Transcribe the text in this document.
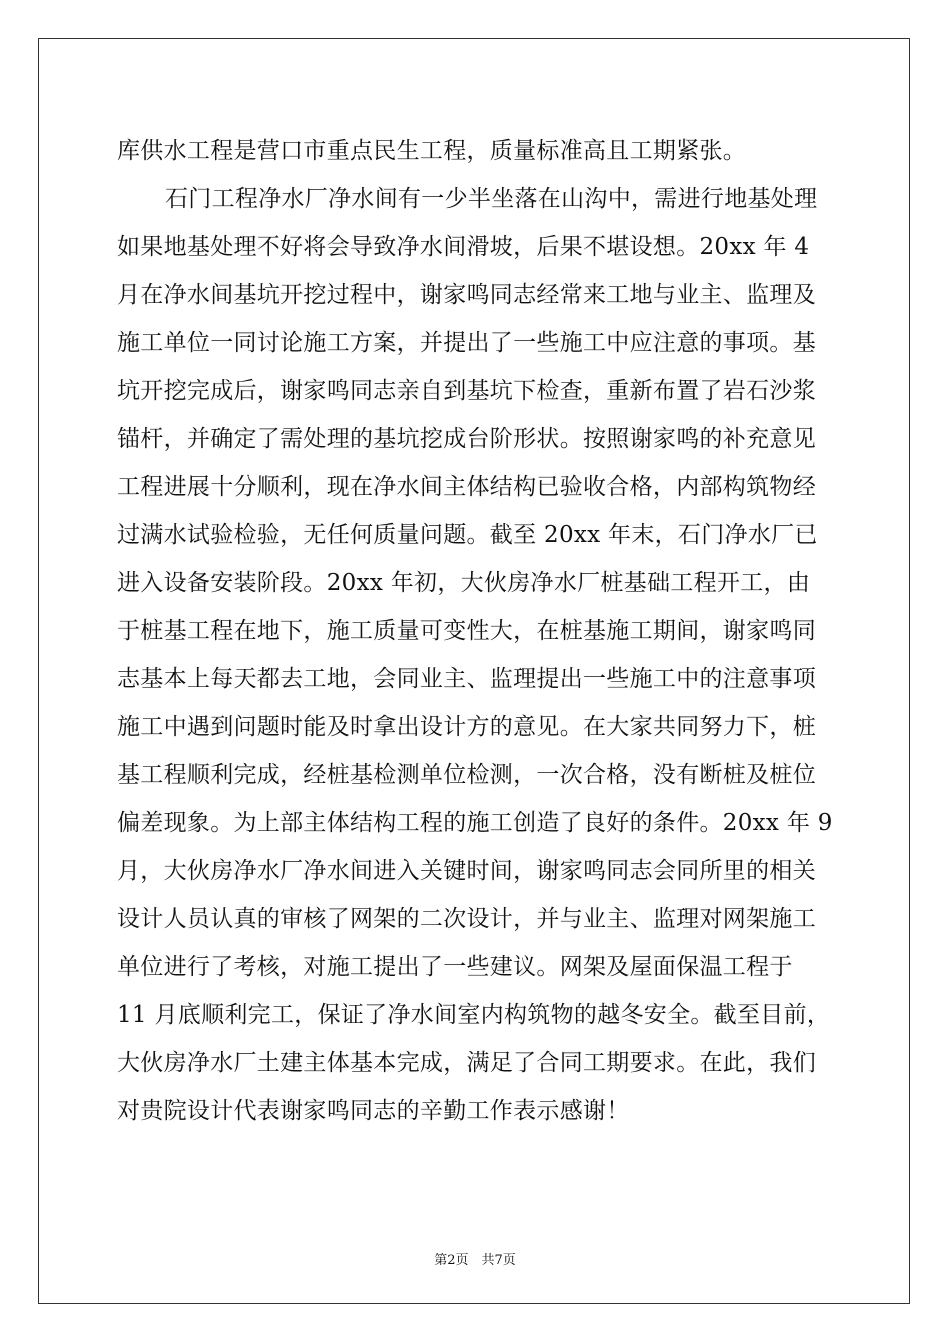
库供水工程是营口市重点民生工程，质量标准高且工期紧张。
石门工程净水厂净水间有一少半坐落在山沟中，需进行地基处理
如果地基处理不好将会导致净水间滑坡，后果不堪设想。20xx 年 4
月在净水间基坑开挖过程中，谢家鸣同志经常来工地与业主、监理及
施工单位一同讨论施工方案，并提出了一些施工中应注意的事项。基
坑开挖完成后，谢家鸣同志亲自到基坑下检查，重新布置了岩石沙浆
锚杆，并确定了需处理的基坑挖成台阶形状。按照谢家鸣的补充意见
工程进展十分顺利，现在净水间主体结构已验收合格，内部构筑物经
过满水试验检验，无任何质量问题。截至 20xx 年末，石门净水厂已
进入设备安装阶段。20xx 年初，大伙房净水厂桩基础工程开工，由
于桩基工程在地下，施工质量可变性大，在桩基施工期间，谢家鸣同
志基本上每天都去工地，会同业主、监理提出一些施工中的注意事项
施工中遇到问题时能及时拿出设计方的意见。在大家共同努力下，桩
基工程顺利完成，经桩基检测单位检测，一次合格，没有断桩及桩位
偏差现象。为上部主体结构工程的施工创造了良好的条件。20xx 年 9
月，大伙房净水厂净水间进入关键时间，谢家鸣同志会同所里的相关
设计人员认真的审核了网架的二次设计，并与业主、监理对网架施工
单位进行了考核，对施工提出了一些建议。网架及屋面保温工程于
11 月底顺利完工，保证了净水间室内构筑物的越冬安全。截至目前，
大伙房净水厂土建主体基本完成，满足了合同工期要求。在此，我们
对贵院设计代表谢家鸣同志的辛勤工作表示感谢！
第2页　共7页
